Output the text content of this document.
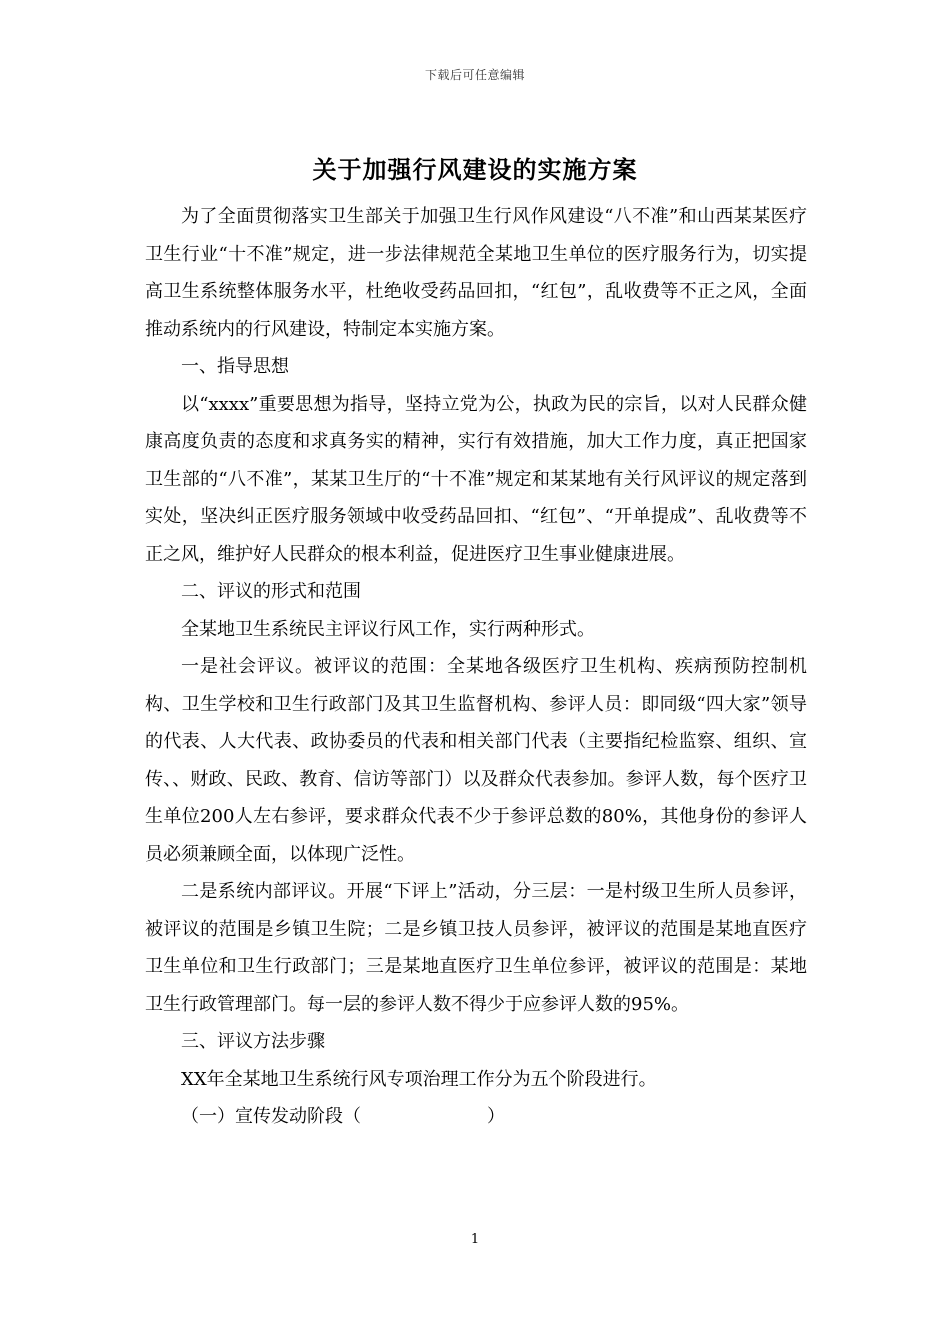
下载后可任意编辑
关于加强行风建设的实施方案

为了全面贯彻落实卫生部关于加强卫生行风作风建设“八不准”和山西某某医疗卫生行业“十不准”规定，进一步法律规范全某地卫生单位的医疗服务行为，切实提高卫生系统整体服务水平，杜绝收受药品回扣，“红包”，乱收费等不正之风，全面推动系统内的行风建设，特制定本实施方案。

一、指导思想

以“xxxx”重要思想为指导，坚持立党为公，执政为民的宗旨，以对人民群众健康高度负责的态度和求真务实的精神，实行有效措施，加大工作力度，真正把国家卫生部的“八不准”，某某卫生厅的“十不准”规定和某某地有关行风评议的规定落到实处，坚决纠正医疗服务领域中收受药品回扣、“红包”、“开单提成”、乱收费等不正之风，维护好人民群众的根本利益，促进医疗卫生事业健康进展。

二、评议的形式和范围

全某地卫生系统民主评议行风工作，实行两种形式。

一是社会评议。被评议的范围：全某地各级医疗卫生机构、疾病预防控制机构、卫生学校和卫生行政部门及其卫生监督机构、参评人员：即同级“四大家”领导的代表、人大代表、政协委员的代表和相关部门代表（主要指纪检监察、组织、宣传、、财政、民政、教育、信访等部门）以及群众代表参加。参评人数，每个医疗卫生单位200人左右参评，要求群众代表不少于参评总数的80%，其他身份的参评人员必须兼顾全面，以体现广泛性。

二是系统内部评议。开展“下评上”活动，分三层：一是村级卫生所人员参评，被评议的范围是乡镇卫生院；二是乡镇卫技人员参评，被评议的范围是某地直医疗卫生单位和卫生行政部门；三是某地直医疗卫生单位参评，被评议的范围是：某地卫生行政管理部门。每一层的参评人数不得少于应参评人数的95%。

三、评议方法步骤

XX年全某地卫生系统行风专项治理工作分为五个阶段进行。

（一）宣传发动阶段（　　　　　　　）

1
